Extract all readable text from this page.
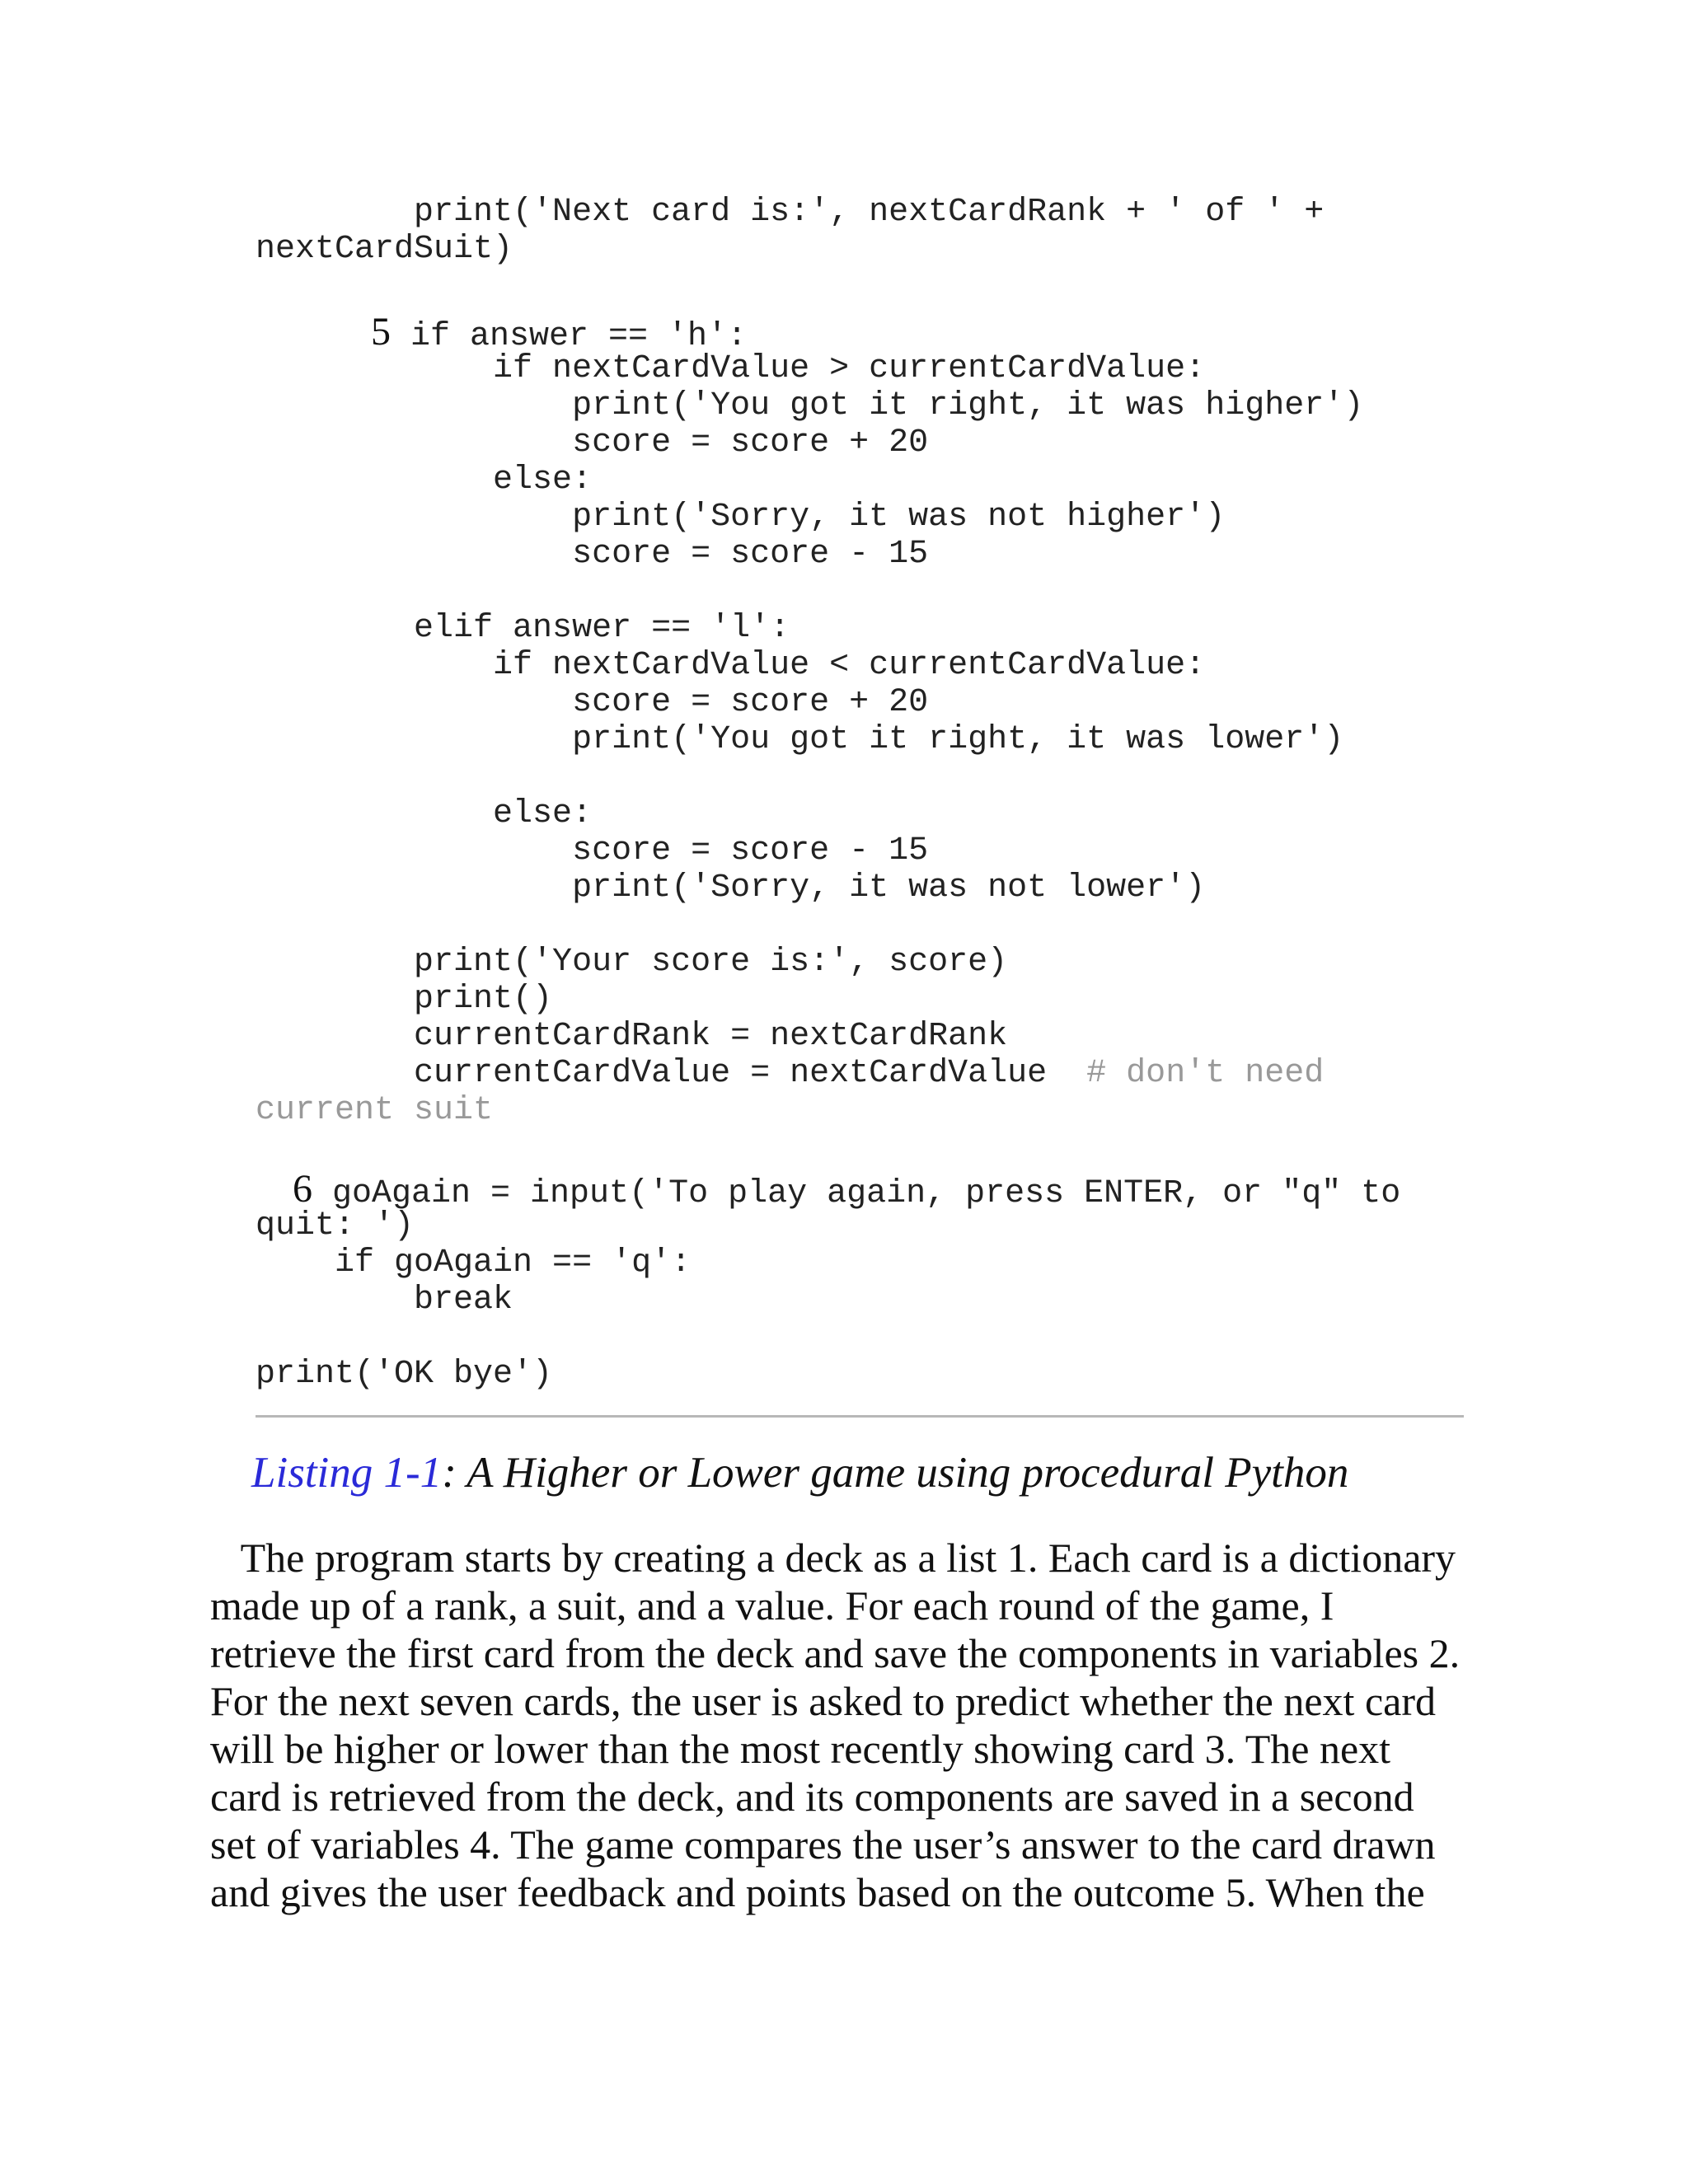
print('Next card is:', nextCardRank + ' of ' +
nextCardSuit)
5 if answer == 'h':
if nextCardValue > currentCardValue:
print('You got it right, it was higher')
score = score + 20
else:
print('Sorry, it was not higher')
score = score - 15
elif answer == 'l':
if nextCardValue < currentCardValue:
score = score + 20
print('You got it right, it was lower')
else:
score = score - 15
print('Sorry, it was not lower')
print('Your score is:', score)
print()
currentCardRank = nextCardRank
currentCardValue = nextCardValue  # don't need
current suit
6 goAgain = input('To play again, press ENTER, or "q" to
quit: ')
if goAgain == 'q':
break
print('OK bye')
Listing 1-1: A Higher or Lower game using procedural Python
The program starts by creating a deck as a list 1. Each card is a dictionary
made up of a rank, a suit, and a value. For each round of the game, I
retrieve the first card from the deck and save the components in variables 2.
For the next seven cards, the user is asked to predict whether the next card
will be higher or lower than the most recently showing card 3. The next
card is retrieved from the deck, and its components are saved in a second
set of variables 4. The game compares the user’s answer to the card drawn
and gives the user feedback and points based on the outcome 5. When the
